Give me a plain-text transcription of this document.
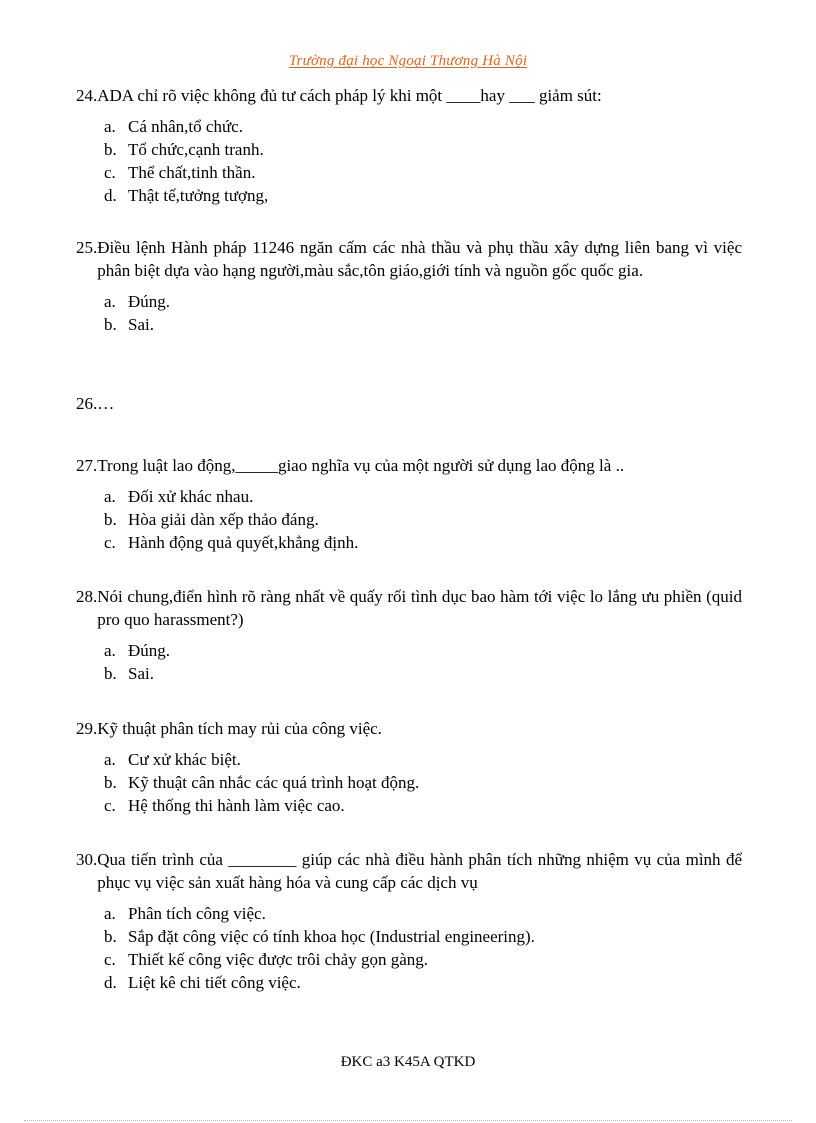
Trường đại học Ngoại Thương Hà Nội
24. ADA chỉ rõ việc không đủ tư cách pháp lý khi một ____hay ___ giảm sút:
a. Cá nhân,tổ chức.
b. Tổ chức,cạnh tranh.
c. Thể chất,tinh thần.
d. Thật tế,tưởng tượng,
25. Điều lệnh Hành pháp 11246 ngăn cấm các nhà thầu và phụ thầu xây dựng liên bang vì việc phân biệt dựa vào hạng người,màu sắc,tôn giáo,giới tính và nguồn gốc quốc gia.
a. Đúng.
b. Sai.
26. …
27. Trong luật lao động,_____giao nghĩa vụ của một người sử dụng lao động là ..
a. Đối xử khác nhau.
b. Hòa giải dàn xếp thảo đáng.
c. Hành động quả quyết,khẳng định.
28. Nói chung,điển hình rõ ràng nhất về quấy rối tình dục bao hàm tới việc lo lắng ưu phiền (quid pro quo harassment?)
a. Đúng.
b. Sai.
29. Kỹ thuật phân tích may rủi của công việc.
a. Cư xử khác biệt.
b. Kỹ thuật cân nhắc các quá trình hoạt động.
c. Hệ thống thi hành làm việc cao.
30. Qua tiến trình của ________ giúp các nhà điều hành phân tích những nhiệm vụ của mình để phục vụ việc sản xuất hàng hóa và cung cấp các dịch vụ
a. Phân tích công việc.
b. Sắp đặt công việc có tính khoa học (Industrial engineering).
c. Thiết kế công việc được trôi chảy gọn gàng.
d. Liệt kê chi tiết công việc.
ĐKC a3 K45A QTKD
